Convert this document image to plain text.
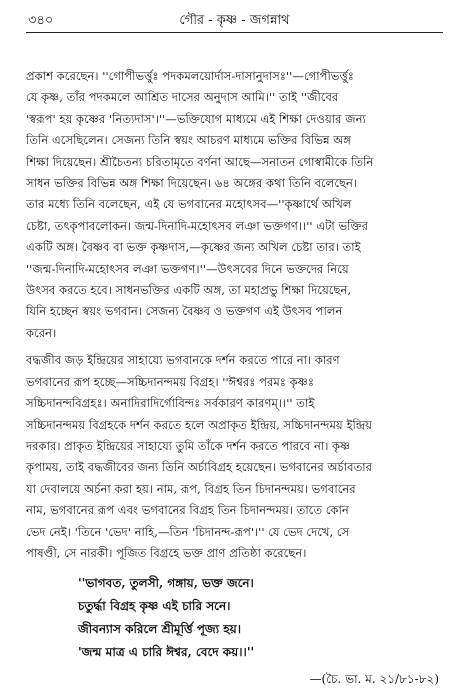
৩৪০	গৌর - কৃষ্ণ - জগন্নাথ

প্রকাশ করেছেন। ''গোপীভর্ত্তুঃ পদকমলয়োর্দাস-দাসানুদাসঃ''—গোপীভর্ত্তুঃ

যে কৃষ্ণ, তাঁর পদকমলে আশ্রিত দাসের অনুদাস আমি।'' তাই ''জীবের

'স্বরূপ' হয় কৃষ্ণের 'নিত্যদাস'।''—ভক্তিযোগ মাধ্যমে এই শিক্ষা দেওয়ার জন্য

তিনি এসেছিলেন। সেজন্য তিনি স্বয়ং আচরণ মাধ্যমে ভক্তির বিভিন্ন অঙ্গ

শিক্ষা দিয়েছেন। শ্রীচৈতন্য চরিতামৃতে বর্ণনা আছে—সনাতন গোস্বামীকে তিনি

সাধন ভক্তির বিভিন্ন অঙ্গ শিক্ষা দিয়েছেন। ৬৪ অঙ্গের কথা তিনি বলেছেন।

তার মধ্যে তিনি বলেছেন, এই যে ভগবানের মহোৎসব—''কৃষ্ণার্থে অখিল

চেষ্টা, তৎকৃপাবলোকন। জন্ম-দিনাদি-মহোৎসব লঞা ভক্তগণ।।'' এটা ভক্তির

একটি অঙ্গ। বৈষ্ণব বা ভক্ত কৃষ্ণদাস,—কৃষ্ণের জন্য অখিল চেষ্টা তার। তাই

''জন্ম-দিনাদি-মহোৎসব লঞা ভক্তগণ।''—উৎসবের দিনে ভক্তদের নিয়ে

উৎসব করতে হবে। সাধনভক্তির একটি অঙ্গ, তা মহাপ্রভু শিক্ষা দিয়েছেন,

যিনি হচ্ছেন স্বয়ং ভগবান। সেজন্য বৈষ্ণব ও ভক্তগণ এই উৎসব পালন

করেন।

বদ্ধজীব জড় ইন্দ্রিয়ের সাহায্যে ভগবানকে দর্শন করতে পারে না। কারণ

ভগবানের রূপ হচ্ছে—সচ্চিদানন্দময় বিগ্রহ। ''ঈশ্বরঃ পরমঃ কৃষ্ণঃ

সচ্চিদানন্দবিগ্রহঃ। অনাদিরাদির্গোবিন্দঃ সর্বকারণ কারণম্।।'' তাই

সচ্চিদানন্দময় বিগ্রহকে দর্শন করতে হলে অপ্রাকৃত ইন্দ্রিয়, সচ্চিদানন্দময় ইন্দ্রিয়

দরকার। প্রাকৃত ইন্দ্রিয়ের সাহায্যে তুমি তাঁকে দর্শন করতে পারবে না। কৃষ্ণ

কৃপাময়, তাই বদ্ধজীবের জন্য তিনি অর্চাবিগ্রহ হয়েছেন। ভগবানের অর্চাবতার

যা দেবালয়ে অর্চনা করা হয়। নাম, রূপ, বিগ্রহ তিন চিদানন্দময়। ভগবানের

নাম, ভগবানের রূপ এবং ভগবানের বিগ্রহ তিন চিদানন্দময়। তাতে কোন

ভেদ নেই। 'তিনে 'ভেদ' নাহি,—তিন 'চিদানন্দ-রূপ'।'' যে ভেদ দেখে, সে

পাষণ্ডী, সে নারকী। পূজিত বিগ্রহে ভক্ত প্রাণ প্রতিষ্ঠা করেছেন।

''ভাগবত, তুলসী, গঙ্গায়, ভক্ত জনে।
চতুর্দ্ধা বিগ্রহ কৃষ্ণ এই চারি সনে।
জীবন্যাস করিলে শ্রীমূর্ত্তি পূজ্য হয়।
'জন্ম মাত্র এ চারি ঈশ্বর, বেদে কয়।।''
—(চৈ. ভা. ম. ২১/৮১-৮২)
